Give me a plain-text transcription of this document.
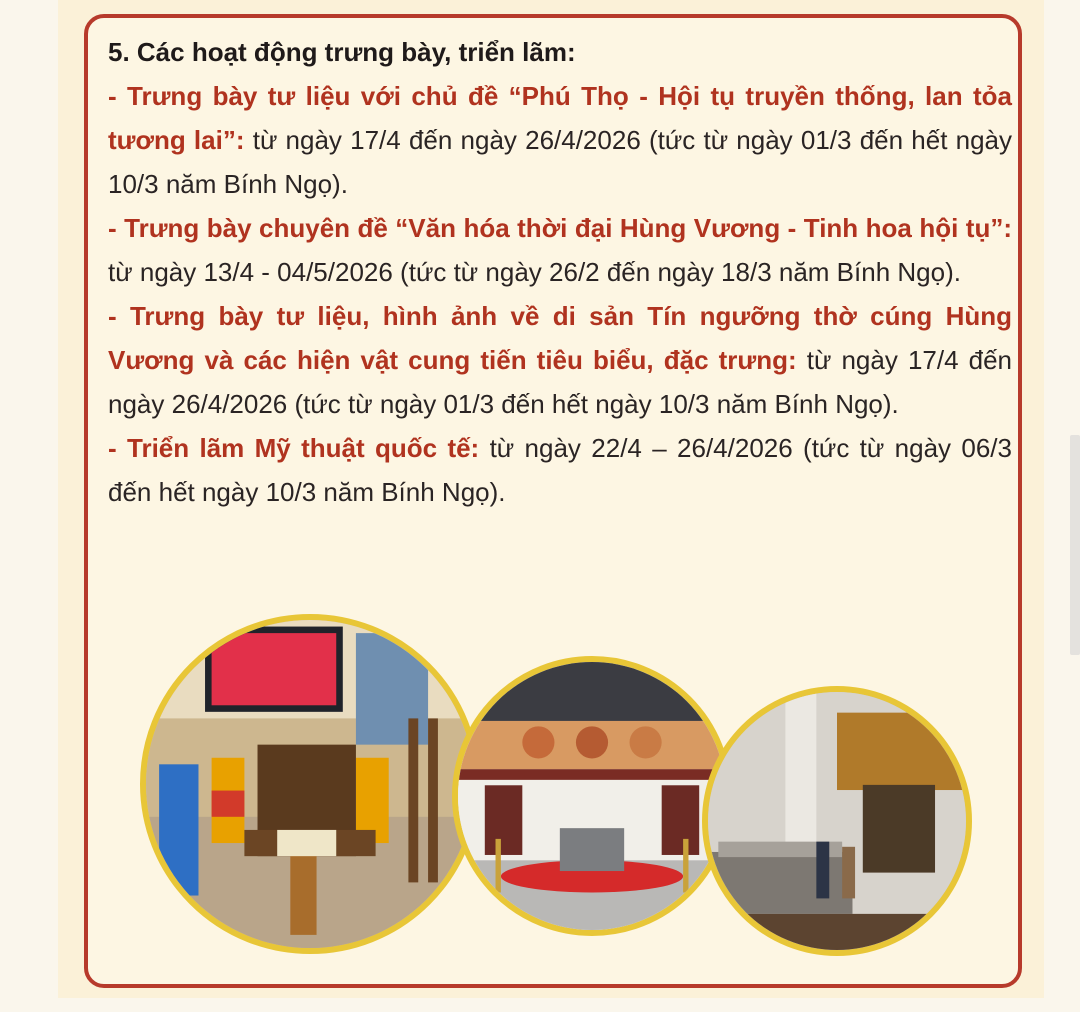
5. Các hoạt động trưng bày, triển lãm:

- Trưng bày tư liệu với chủ đề “Phú Thọ - Hội tụ truyền thống, lan tỏa tương lai”: từ ngày 17/4 đến ngày 26/4/2026 (tức từ ngày 01/3 đến hết ngày 10/3 năm Bính Ngọ).

- Trưng bày chuyên đề “Văn hóa thời đại Hùng Vương - Tinh hoa hội tụ”: từ ngày 13/4 - 04/5/2026 (tức từ ngày 26/2 đến ngày 18/3 năm Bính Ngọ).

- Trưng bày tư liệu, hình ảnh về di sản Tín ngưỡng thờ cúng Hùng Vương và các hiện vật cung tiến tiêu biểu, đặc trưng: từ ngày 17/4 đến ngày 26/4/2026 (tức từ ngày 01/3 đến hết ngày 10/3 năm Bính Ngọ).

- Triển lãm Mỹ thuật quốc tế: từ ngày 22/4 – 26/4/2026 (tức từ ngày 06/3 đến hết ngày 10/3 năm Bính Ngọ).
